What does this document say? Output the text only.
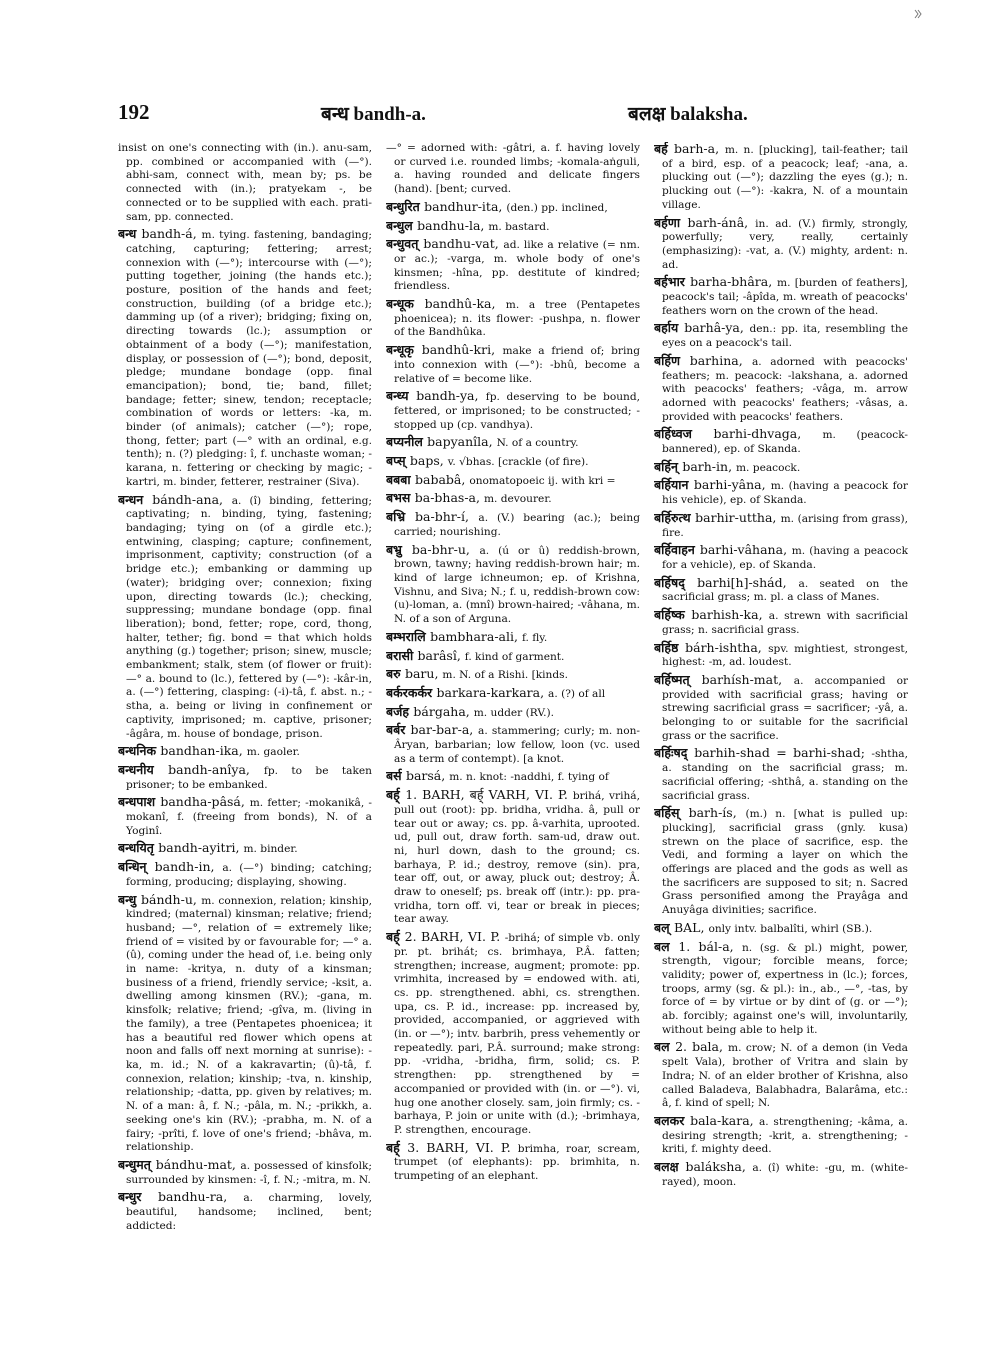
192	बन्ध bandh-a.	बलक्ष balaksha.

insist on one's connecting with (in.). anu-sam, pp. combined or accompanied with (—°). abhi-sam, connect with, mean by; ps. be connected with (in.); pratyekam -, be connected or to be supplied with each. prati-sam, pp. connected.

बन्ध bandh-á, m. tying. fastening, bandaging; catching, capturing; fettering; arrest; connexion with (—°); intercourse with (—°); putting together, joining (the hands etc.); posture, position of the hands and feet; construction, building (of a bridge etc.); damming up (of a river); bridging; fixing on, directing towards (lc.); assumption or obtainment of a body (—°); manifestation, display, or possession of (—°); bond, deposit, pledge; mundane bondage (opp. final emancipation); bond, tie; band, fillet; bandage; fetter; sinew, tendon; receptacle; combination of words or letters: -ka, m. binder (of animals); catcher (—°); rope, thong, fetter; part (—° with an ordinal, e.g. tenth); n. (?) pledging: î, f. unchaste woman; -karana, n. fettering or checking by magic; -kartri, m. binder, fetterer, restrainer (Siva).

बन्धन bándh-ana, a. (î) binding, fettering; captivating; n. binding, tying, fastening; bandaging; tying on (of a girdle etc.); entwining, clasping; capture; confinement, imprisonment, captivity; construction (of a bridge etc.); embanking or damming up (water); bridging over; connexion; fixing upon, directing towards (lc.); checking, suppressing; mundane bondage (opp. final liberation); bond, fetter; rope, cord, thong, halter, tether; fig. bond = that which holds anything (g.) together; prison; sinew, muscle; embankment; stalk, stem (of flower or fruit): —° a. bound to (lc.), fettered by (—°): -kâr-in, a. (—°) fettering, clasping: (-i)-tâ, f. abst. n.; -stha, a. being or living in confinement or captivity, imprisoned; m. captive, prisoner; -âgâra, m. house of bondage, prison.

बन्धनिक bandhan-ika, m. gaoler.

बन्धनीय bandh-anîya, fp. to be taken prisoner; to be embanked.

बन्धपाश bandha-pâsá, m. fetter; -mokanikâ, -mokanî, f. (freeing from bonds), N. of a Yoginî.

बन्धयितृ bandh-ayitri, m. binder.

बन्धिन् bandh-in, a. (—°) binding; catching; forming, producing; displaying, showing.

बन्धु bándh-u, m. connexion, relation; kinship, kindred; (maternal) kinsman; relative; friend; husband; —°, relation of = extremely like; friend of = visited by or favourable for; —° a. (û), coming under the head of, i.e. being only in name: -kritya, n. duty of a kinsman; business of a friend, friendly service; -ksit, a. dwelling among kinsmen (RV.); -gana, m. kinsfolk; relative; friend; -gîva, m. (living in the family), a tree (Pentapetes phoenicea; it has a beautiful red flower which opens at noon and falls off next morning at sunrise): -ka, m. id.; N. of a kakravartin; (û)-tâ, f. connexion, relation; kinship; -tva, n. kinship, relationship; -datta, pp. given by relatives; m. N. of a man: â, f. N.; -pâla, m. N.; -prikkh, a. seeking one's kin (RV.); -prabha, m. N. of a fairy; -prîti, f. love of one's friend; -bhâva, m. relationship.

बन्धुमत् bándhu-mat, a. possessed of kinsfolk; surrounded by kinsmen: -î, f. N.; -mitra, m. N.

बन्धुर bandhu-ra, a. charming, lovely, beautiful, handsome; inclined, bent; addicted:

—° = adorned with: -gâtri, a. f. having lovely or curved i.e. rounded limbs; -komala-aṅguli, a. having rounded and delicate fingers (hand). [bent; curved.

बन्धुरित bandhur-ita, (den.) pp. inclined,

बन्धुल bandhu-la, m. bastard.

बन्धुवत् bandhu-vat, ad. like a relative (= nm. or ac.); -varga, m. whole body of one's kinsmen; -hîna, pp. destitute of kindred; friendless.

बन्धूक bandhû-ka, m. a tree (Pentapetes phoenicea); n. its flower: -pushpa, n. flower of the Bandhûka.

बन्धूकृ bandhû-kri, make a friend of; bring into connexion with (—°): -bhû, become a relative of = become like.

बन्ध्य bandh-ya, fp. deserving to be bound, fettered, or imprisoned; to be constructed; - stopped up (cp. vandhya).

बप्यनील bapyanîla, N. of a country.

बप्स् baps, v. √bhas. [crackle (of fire).

बबबा bababâ, onomatopoeic ij. with kri =

बभस ba-bhas-a, m. devourer.

बभ्रि ba-bhr-í, a. (V.) bearing (ac.); being carried; nourishing.

बभ्रु ba-bhr-u, a. (ú or û) reddish-brown, brown, tawny; having reddish-brown hair; m. kind of large ichneumon; ep. of Krishna, Vishnu, and Siva; N.; f. u, reddish-brown cow: (u)-loman, a. (mnî) brown-haired; -vâhana, m. N. of a son of Arguna.

बम्भरालि bambhara-ali, f. fly.

बरासी barâsî, f. kind of garment.

बरु baru, m. N. of a Rishi. [kinds.

बर्करकर्कर barkara-karkara, a. (?) of all

बर्जह bárgaha, m. udder (RV.).

बर्बर bar-bar-a, a. stammering; curly; m. non-Âryan, barbarian; low fellow, loon (vc. used as a term of contempt). [a knot.

बर्स barsá, m. n. knot: -naddhi, f. tying of

बर्ह् 1. BARH, बर्ह् VARH, VI. P. brihá, vrihá, pull out (root): pp. bridha, vridha. â, pull or tear out or away; cs. pp. â-varhita, uprooted. ud, pull out, draw forth. sam-ud, draw out. ni, hurl down, dash to the ground; cs. barhaya, P. id.; destroy, remove (sin). pra, tear off, out, or away, pluck out; destroy; Â. draw to oneself; ps. break off (intr.): pp. pra-vridha, torn off. vi, tear or break in pieces; tear away.

बर्ह् 2. BARH, VI. P. -brihá; of simple vb. only pr. pt. brihát; cs. brimhaya, P.Â. fatten; strengthen; increase, augment; promote: pp. vrimhita, increased by = endowed with. ati, cs. pp. strengthened. abhi, cs. strengthen. upa, cs. P. id., increase: pp. increased by, provided, accompanied, or aggrieved with (in. or —°); intv. barbrih, press vehemently or repeatedly. pari, P.Â. surround; make strong: pp. -vridha, -bridha, firm, solid; cs. P. strengthen: pp. strengthened by = accompanied or provided with (in. or —°). vi, hug one another closely. sam, join firmly; cs. -barhaya, P. join or unite with (d.); -brimhaya, P. strengthen, encourage.

बर्ह् 3. BARH, VI. P. brimha, roar, scream, trumpet (of elephants): pp. brimhita, n. trumpeting of an elephant.

बर्ह barh-a, m. n. [plucking], tail-feather; tail of a bird, esp. of a peacock; leaf; -ana, a. plucking out (—°); dazzling the eyes (g.); n. plucking out (—°): -kakra, N. of a mountain village.

बर्हणा barh-ánâ, in. ad. (V.) firmly, strongly, powerfully; very, really, certainly (emphasizing): -vat, a. (V.) mighty, ardent: n. ad.

बर्हभार barha-bhâra, m. [burden of feathers], peacock's tail; -âpîda, m. wreath of peacocks' feathers worn on the crown of the head.

बर्हाय barhâ-ya, den.: pp. ita, resembling the eyes on a peacock's tail.

बर्हिण barhina, a. adorned with peacocks' feathers; m. peacock: -lakshana, a. adorned with peacocks' feathers; -vâga, m. arrow adorned with peacocks' feathers; -vâsas, a. provided with peacocks' feathers.

बर्हिध्वज barhi-dhvaga, m. (peacock-bannered), ep. of Skanda.

बर्हिन् barh-in, m. peacock.

बर्हियान barhi-yâna, m. (having a peacock for his vehicle), ep. of Skanda.

बर्हिरुत्थ barhir-uttha, m. (arising from grass), fire.

बर्हिवाहन barhi-vâhana, m. (having a peacock for a vehicle), ep. of Skanda.

बर्हिषद् barhi[h]-shád, a. seated on the sacrificial grass; m. pl. a class of Manes.

बर्हिष्क barhish-ka, a. strewn with sacrificial grass; n. sacrificial grass.

बर्हिष्ठ bárh-ishtha, spv. mightiest, strongest, highest: -m, ad. loudest.

बर्हिष्मत् barhísh-mat, a. accompanied or provided with sacrificial grass; having or strewing sacrificial grass = sacrificer; -yâ, a. belonging to or suitable for the sacrificial grass or the sacrifice.

बर्हिःषद् barhih-shad = barhi-shad; -shtha, a. standing on the sacrificial grass; m. sacrificial offering; -shthâ, a. standing on the sacrificial grass.

बर्हिस् barh-ís, (m.) n. [what is pulled up: plucking], sacrificial grass (gnly. kusa) strewn on the place of sacrifice, esp. the Vedi, and forming a layer on which the offerings are placed and the gods as well as the sacrificers are supposed to sit; n. Sacred Grass personified among the Prayâga and Anuyâga divinities; sacrifice.

बल् BAL, only intv. balbalîti, whirl (SB.).

बल 1. bál-a, n. (sg. & pl.) might, power, strength, vigour; forcible means, force; validity; power of, expertness in (lc.); forces, troops, army (sg. & pl.): in., ab., —°, -tas, by force of = by virtue or by dint of (g. or —°); ab. forcibly; against one's will, involuntarily, without being able to help it.

बल 2. bala, m. crow; N. of a demon (in Veda spelt Vala), brother of Vritra and slain by Indra; N. of an elder brother of Krishna, also called Baladeva, Balabhadra, Balarâma, etc.: â, f. kind of spell; N.

बलकर bala-kara, a. strengthening; -kâma, a. desiring strength; -krit, a. strengthening; -kriti, f. mighty deed.

बलक्ष baláksha, a. (î) white: -gu, m. (white-rayed), moon.
